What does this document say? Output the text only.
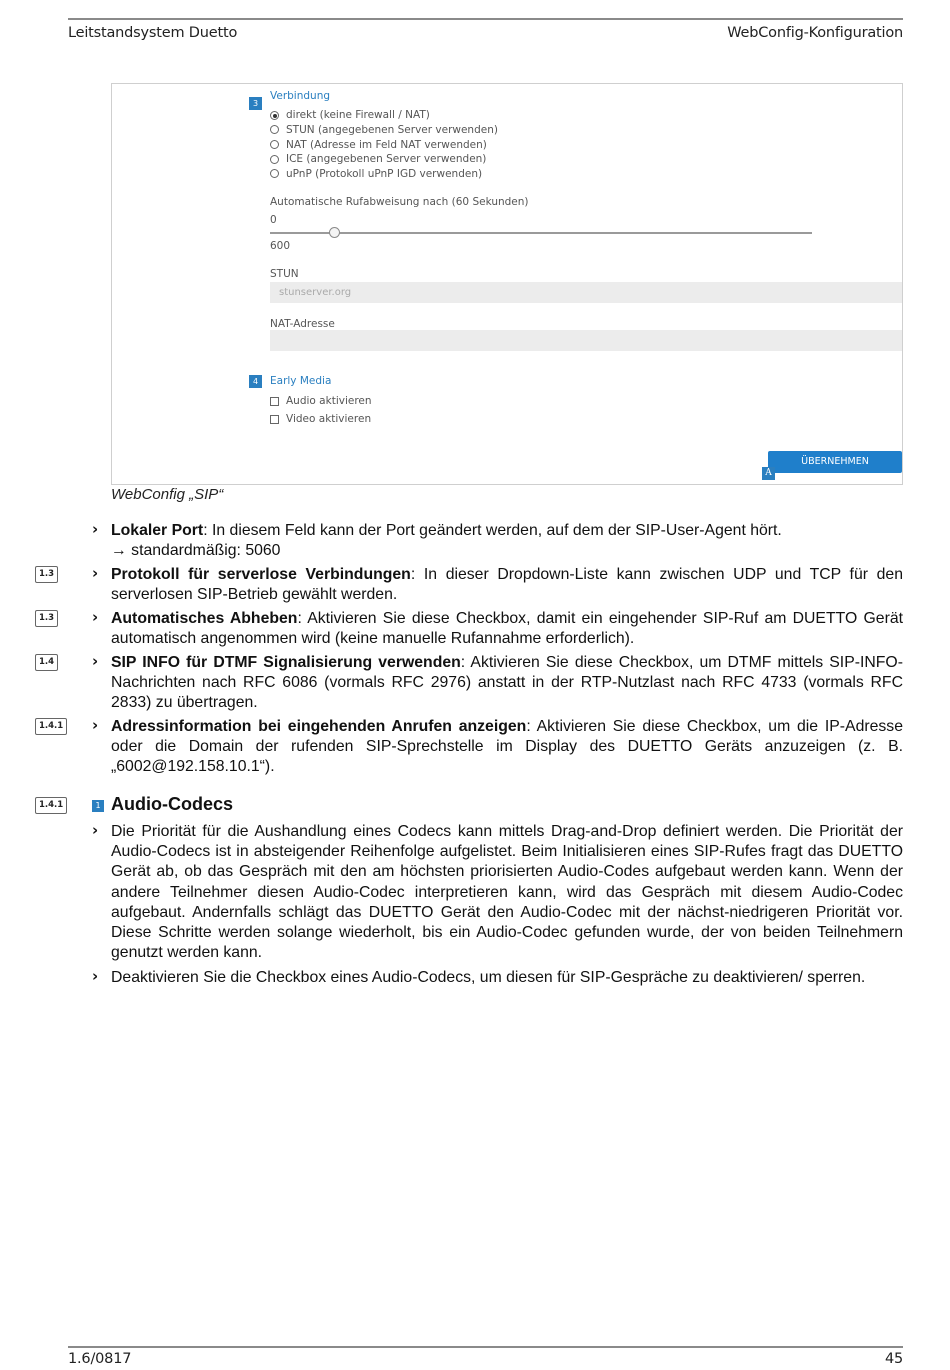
Leitstandsystem Duetto	WebConfig-Konfiguration
3
Verbindung
direkt (keine Firewall / NAT)
STUN (angegebenen Server verwenden)
NAT (Adresse im Feld NAT verwenden)
ICE (angegebenen Server verwenden)
uPnP (Protokoll uPnP IGD verwenden)
Automatische Rufabweisung nach (60 Sekunden)
0
600
STUN
stunserver.org
NAT-Adresse
4	Early Media
Audio aktivieren
Video aktivieren
ÜBERNEHMEN
A
WebConfig „SIP“
› Lokaler Port: In diesem Feld kann der Port geändert werden, auf dem der SIP-User-Agent hört.
→ standardmäßig: 5060
1.3	› Protokoll für serverlose Verbindungen: In dieser Dropdown-Liste kann zwischen UDP und TCP für den serverlosen SIP-Betrieb gewählt werden.
1.3	› Automatisches Abheben: Aktivieren Sie diese Checkbox, damit ein eingehender SIP-Ruf am DUETTO Gerät automatisch angenommen wird (keine manuelle Rufannahme erforderlich).
1.4	› SIP INFO für DTMF Signalisierung verwenden: Aktivieren Sie diese Checkbox, um DTMF mittels SIP-INFO-Nachrichten nach RFC 6086 (vormals RFC 2976) anstatt in der RTP-Nutzlast nach RFC 4733 (vormals RFC 2833) zu übertragen.
1.4.1 › Adressinformation bei eingehenden Anrufen anzeigen: Aktivieren Sie diese Checkbox, um die IP-Adresse oder die Domain der rufenden SIP-Sprechstelle im Display des DUETTO Geräts anzuzeigen (z. B. „6002@192.158.10.1“).
1.4.1	1 Audio-Codecs
› Die Priorität für die Aushandlung eines Codecs kann mittels Drag-and-Drop definiert werden. Die Priorität der Audio-Codecs ist in absteigender Reihenfolge aufgelistet. Beim Initialisieren eines SIP-Rufes fragt das DUETTO Gerät ab, ob das Gespräch mit den am höchsten priorisierten Audio-Codes aufgebaut werden kann. Wenn der andere Teilnehmer diesen Audio-Codec interpretieren kann, wird das Gespräch mit diesem Audio-Codec aufgebaut. Andernfalls schlägt das DUETTO Gerät den Audio-Codec mit der nächst-niedrigeren Priorität vor. Diese Schritte werden solange wiederholt, bis ein Audio-Codec gefunden wurde, der von beiden Teilnehmern genutzt werden kann.
› Deaktivieren Sie die Checkbox eines Audio-Codecs, um diesen für SIP-Gespräche zu deaktivieren/ sperren.
1.6/0817	45
